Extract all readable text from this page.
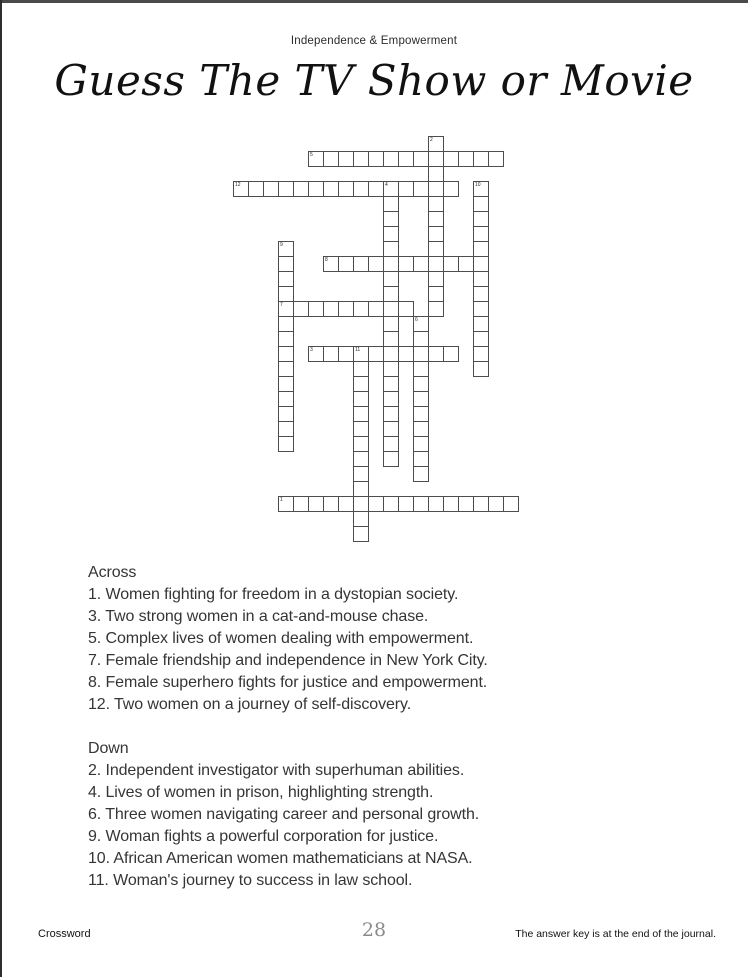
Independence & Empowerment
Guess The TV Show or Movie
1
2
3	11
4
5
6
7
8
9
10
12
Across
1. Women fighting for freedom in a dystopian society.
3. Two strong women in a cat-and-mouse chase.
5. Complex lives of women dealing with empowerment.
7. Female friendship and independence in New York City.
8. Female superhero fights for justice and empowerment.
12. Two women on a journey of self-discovery.
Down
2. Independent investigator with superhuman abilities.
4. Lives of women in prison, highlighting strength.
6. Three women navigating career and personal growth.
9. Woman fights a powerful corporation for justice.
10. African American women mathematicians at NASA.
11. Woman's journey to success in law school.
Crossword	28	The answer key is at the end of the journal.
